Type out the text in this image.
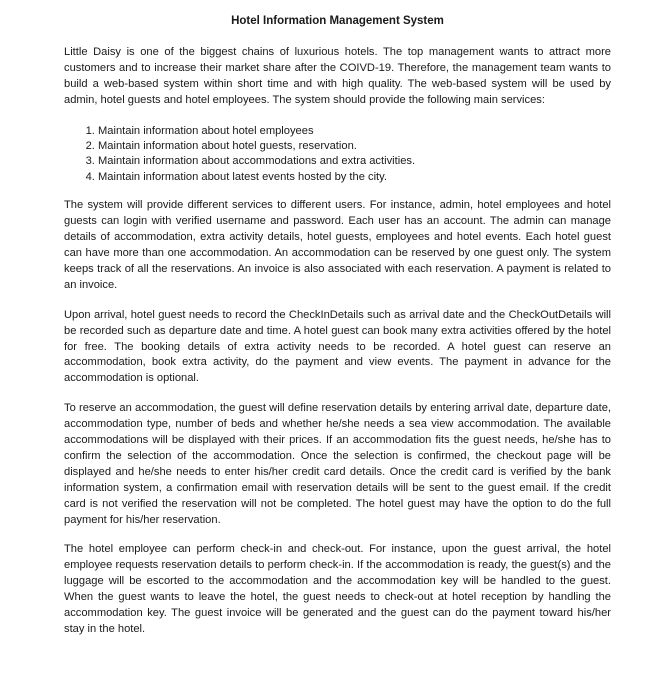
Hotel Information Management System

Little Daisy is one of the biggest chains of luxurious hotels. The top management wants to attract more customers and to increase their market share after the COIVD-19. Therefore, the management team wants to build a web-based system within short time and with high quality. The web-based system will be used by admin, hotel guests and hotel employees. The system should provide the following main services:

1. Maintain information about hotel employees
2. Maintain information about hotel guests, reservation.
3. Maintain information about accommodations and extra activities.
4. Maintain information about latest events hosted by the city.

The system will provide different services to different users. For instance, admin, hotel employees and hotel guests can login with verified username and password. Each user has an account. The admin can manage details of accommodation, extra activity details, hotel guests, employees and hotel events. Each hotel guest can have more than one accommodation. An accommodation can be reserved by one guest only. The system keeps track of all the reservations. An invoice is also associated with each reservation. A payment is related to an invoice.

Upon arrival, hotel guest needs to record the CheckInDetails such as arrival date and the CheckOutDetails will be recorded such as departure date and time. A hotel guest can book many extra activities offered by the hotel for free. The booking details of extra activity needs to be recorded. A hotel guest can reserve an accommodation, book extra activity, do the payment and view events. The payment in advance for the accommodation is optional.

To reserve an accommodation, the guest will define reservation details by entering arrival date, departure date, accommodation type, number of beds and whether he/she needs a sea view accommodation. The available accommodations will be displayed with their prices. If an accommodation fits the guest needs, he/she has to confirm the selection of the accommodation. Once the selection is confirmed, the checkout page will be displayed and he/she needs to enter his/her credit card details. Once the credit card is verified by the bank information system, a confirmation email with reservation details will be sent to the guest email. If the credit card is not verified the reservation will not be completed. The hotel guest may have the option to do the full payment for his/her reservation.

The hotel employee can perform check-in and check-out. For instance, upon the guest arrival, the hotel employee requests reservation details to perform check-in. If the accommodation is ready, the guest(s) and the luggage will be escorted to the accommodation and the accommodation key will be handled to the guest. When the guest wants to leave the hotel, the guest needs to check-out at hotel reception by handling the accommodation key. The guest invoice will be generated and the guest can do the payment toward his/her stay in the hotel.
